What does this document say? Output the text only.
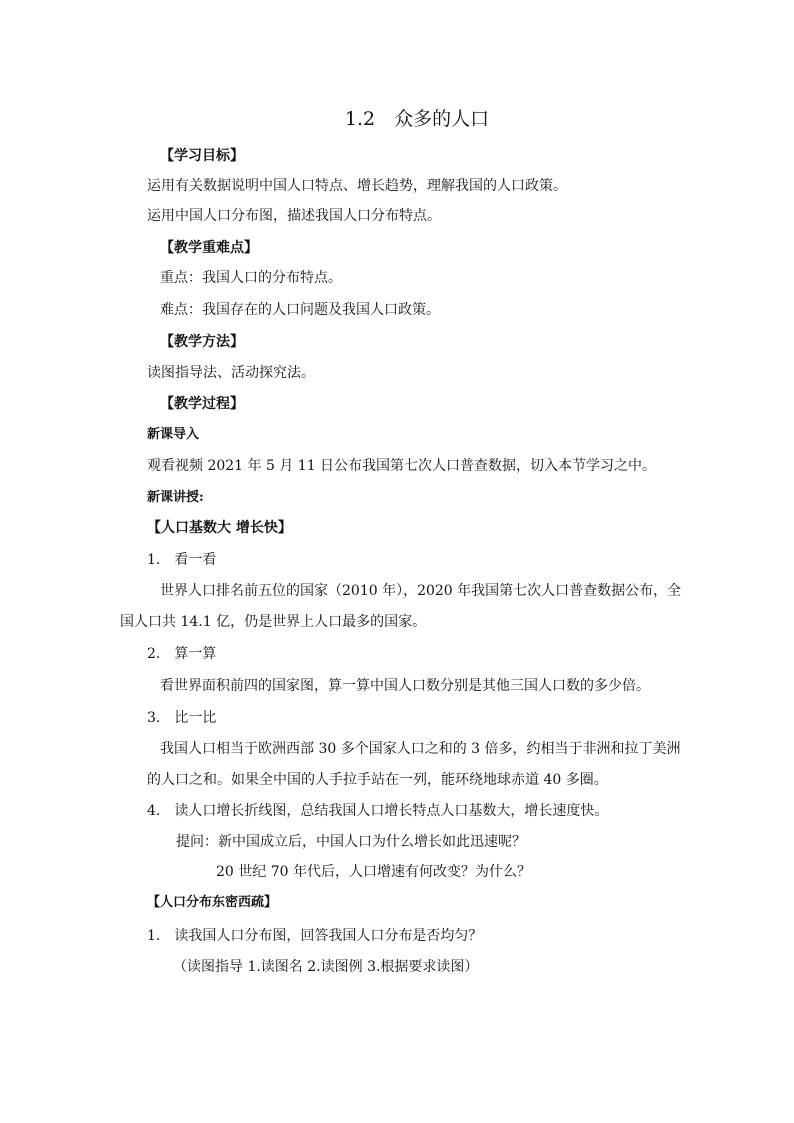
1.2　众多的人口
【学习目标】
运用有关数据说明中国人口特点、增长趋势，理解我国的人口政策。
运用中国人口分布图，描述我国人口分布特点。
【教学重难点】
重点：我国人口的分布特点。
难点：我国存在的人口问题及我国人口政策。
【教学方法】
读图指导法、活动探究法。
【教学过程】
新课导入
观看视频 2021 年 5 月 11 日公布我国第七次人口普查数据，切入本节学习之中。
新课讲授:
【人口基数大 增长快】
1.　看一看
世界人口排名前五位的国家（2010 年），2020 年我国第七次人口普查数据公布，全
国人口共 14.1 亿，仍是世界上人口最多的国家。
2.　算一算
看世界面积前四的国家图，算一算中国人口数分别是其他三国人口数的多少倍。
3.　比一比
我国人口相当于欧洲西部 30 多个国家人口之和的 3 倍多，约相当于非洲和拉丁美洲
的人口之和。如果全中国的人手拉手站在一列，能环绕地球赤道 40 多圈。
4.　读人口增长折线图，总结我国人口增长特点人口基数大，增长速度快。
提问：新中国成立后，中国人口为什么增长如此迅速呢？
20 世纪 70 年代后，人口增速有何改变？为什么？
【人口分布东密西疏】
1.　读我国人口分布图，回答我国人口分布是否均匀？
（读图指导 1.读图名 2.读图例 3.根据要求读图）
